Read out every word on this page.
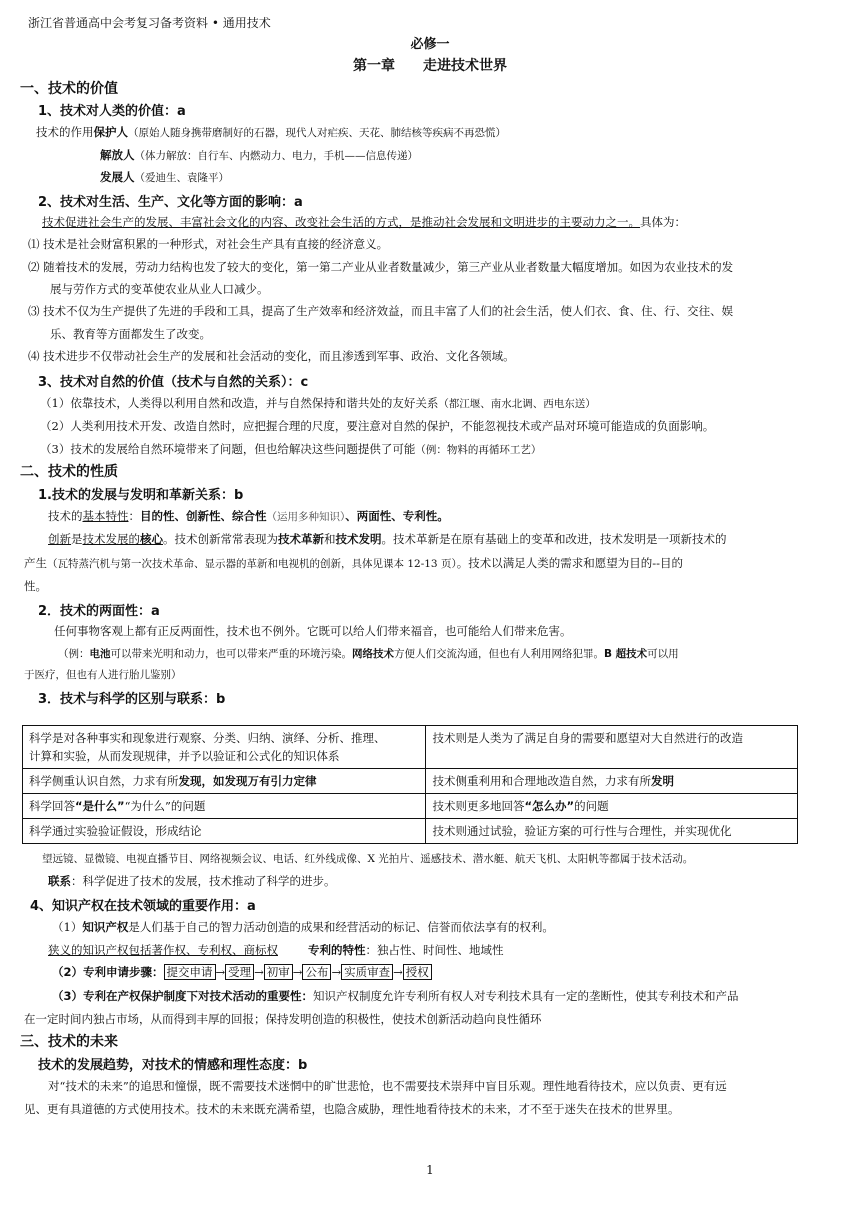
浙江省普通高中会考复习备考资料 • 通用技术
必修一
第一章　　走进技术世界
一、技术的价值
1、技术对人类的价值：a
技术的作用保护人（原始人随身携带磨制好的石器，现代人对疟疾、天花、肺结核等疾病不再恐慌）
解放人（体力解放：自行车、内燃动力、电力，手机——信息传递）
发展人（爱迪生、袁隆平）
2、技术对生活、生产、文化等方面的影响：a
技术促进社会生产的发展、丰富社会文化的内容、改变社会生活的方式，是推动社会发展和文明进步的主要动力之一。具体为：
⑴ 技术是社会财富积累的一种形式，对社会生产具有直接的经济意义。
⑵ 随着技术的发展，劳动力结构也发了较大的变化，第一第二产业从业者数量减少，第三产业从业者数量大幅度增加。如因为农业技术的发
展与劳作方式的变革使农业从业人口减少。
⑶ 技术不仅为生产提供了先进的手段和工具，提高了生产效率和经济效益，而且丰富了人们的社会生活，使人们衣、食、住、行、交往、娱
乐、教育等方面都发生了改变。
⑷ 技术进步不仅带动社会生产的发展和社会活动的变化，而且渗透到军事、政治、文化各领域。
3、技术对自然的价值（技术与自然的关系）：c
（1）依靠技术，人类得以利用自然和改造，并与自然保持和谐共处的友好关系（都江堰、南水北调、西电东送）
（2）人类利用技术开发、改造自然时，应把握合理的尺度，要注意对自然的保护，不能忽视技术或产品对环境可能造成的负面影响。
（3）技术的发展给自然环境带来了问题，但也给解决这些问题提供了可能（例：物料的再循环工艺）
二、技术的性质
1.技术的发展与发明和革新关系：b
技术的基本特性：目的性、创新性、综合性（运用多种知识）、两面性、专利性。
创新是技术发展的核心。技术创新常常表现为技术革新和技术发明。技术革新是在原有基础上的变革和改进，技术发明是一项新技术的
产生（瓦特蒸汽机与第一次技术革命、显示器的革新和电视机的创新，具体见课本 12-13 页）。技术以满足人类的需求和愿望为目的--目的
性。
2．技术的两面性：a
任何事物客观上都有正反两面性，技术也不例外。它既可以给人们带来福音，也可能给人们带来危害。
（例：电池可以带来光明和动力，也可以带来严重的环境污染。网络技术方便人们交流沟通，但也有人利用网络犯罪。B 超技术可以用
于医疗，但也有人进行胎儿鉴别）
3．技术与科学的区别与联系：b
科学是对各种事实和现象进行观察、分类、归纳、演绎、分析、推理、
计算和实验，从而发现规律，并予以验证和公式化的知识体系	技术则是人类为了满足自身的需要和愿望对大自然进行的改造
科学侧重认识自然，力求有所发现，如发现万有引力定律	技术侧重利用和合理地改造自然，力求有所发明
科学回答“是什么”“为什么”的问题	技术则更多地回答“怎么办”的问题
科学通过实验验证假设，形成结论	技术则通过试验，验证方案的可行性与合理性，并实现优化
望远镜、显微镜、电视直播节目、网络视频会议、电话、红外线成像、X 光拍片、遥感技术、潜水艇、航天飞机、太阳帆等都属于技术活动。
联系：科学促进了技术的发展，技术推动了科学的进步。
4、知识产权在技术领域的重要作用：a
（1）知识产权是人们基于自己的智力活动创造的成果和经营活动的标记、信誉而依法享有的权利。
狭义的知识产权包括著作权、专利权、商标权	专利的特性：独占性、时间性、地域性
（2）专利申请步骤： 提交申请 → 受理 → 初审 → 公布 → 实质审查 → 授权
（3）专利在产权保护制度下对技术活动的重要性：知识产权制度允许专利所有权人对专利技术具有一定的垄断性，使其专利技术和产品
在一定时间内独占市场，从而得到丰厚的回报；保持发明创造的积极性，使技术创新活动趋向良性循环
三、技术的未来
技术的发展趋势，对技术的情感和理性态度：b
对“技术的未来”的追思和憧憬，既不需要技术迷惘中的旷世悲怆，也不需要技术崇拜中盲目乐观。理性地看待技术，应以负责、更有远
见、更有具道德的方式使用技术。技术的未来既充满希望，也隐含威胁，理性地看待技术的未来，才不至于迷失在技术的世界里。
1
